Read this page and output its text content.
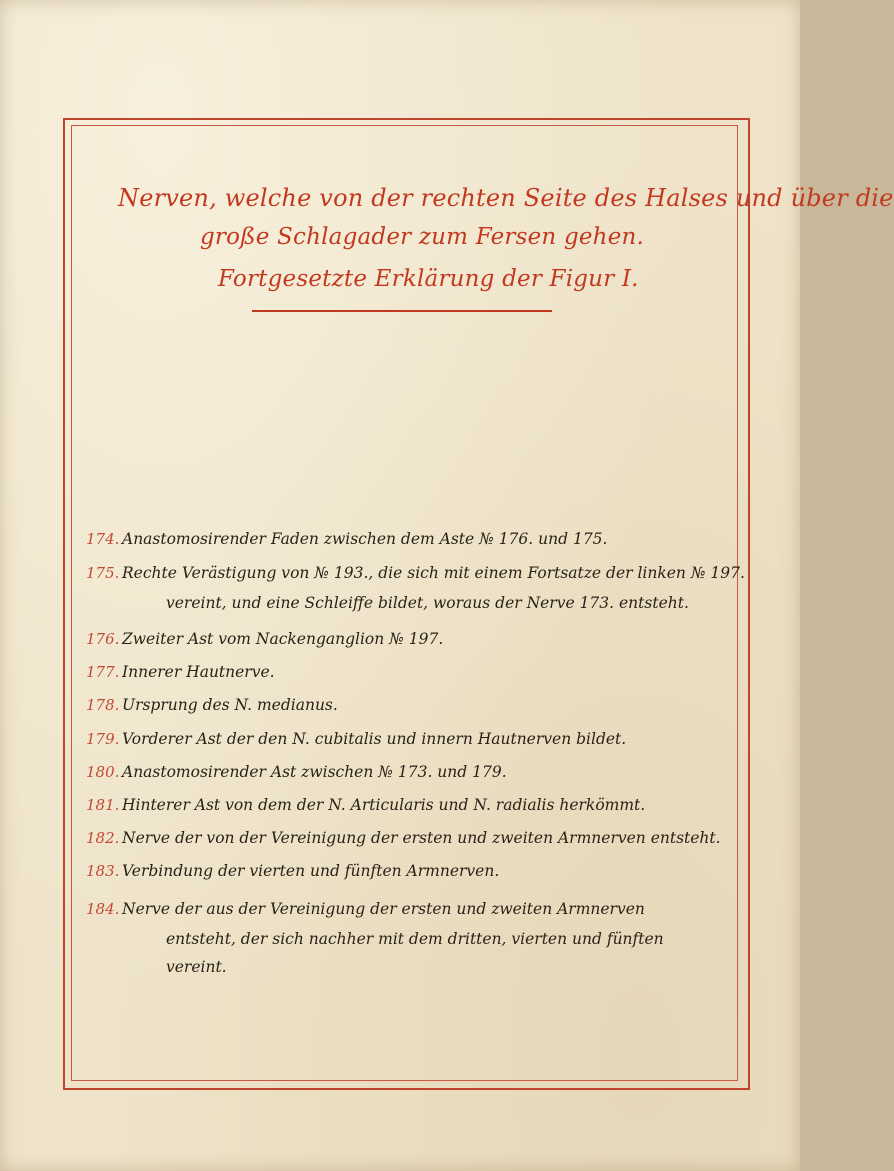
Nerven, welche von der rechten Seite des Halses und über die
große Schlagader zum Fersen gehen.
Fortgesetzte Erklärung der Figur I.
174. Anastomosirender Faden zwischen dem Aste № 176. und 175.
175. Rechte Verästigung von № 193., die sich mit einem Fortsatze der linken № 197.
vereint, und eine Schleiffe bildet, woraus der Nerve 173. entsteht.
176. Zweiter Ast vom Nackenganglion № 197.
177. Innerer Hautnerve.
178. Ursprung des N. medianus.
179. Vorderer Ast der den N. cubitalis und innern Hautnerven bildet.
180. Anastomosirender Ast zwischen № 173. und 179.
181. Hinterer Ast von dem der N. Articularis und N. radialis herkömmt.
182. Nerve der von der Vereinigung der ersten und zweiten Armnerven entsteht.
183. Verbindung der vierten und fünften Armnerven.
184. Nerve der aus der Vereinigung der ersten und zweiten Armnerven
entsteht, der sich nachher mit dem dritten, vierten und fünften
vereint.
